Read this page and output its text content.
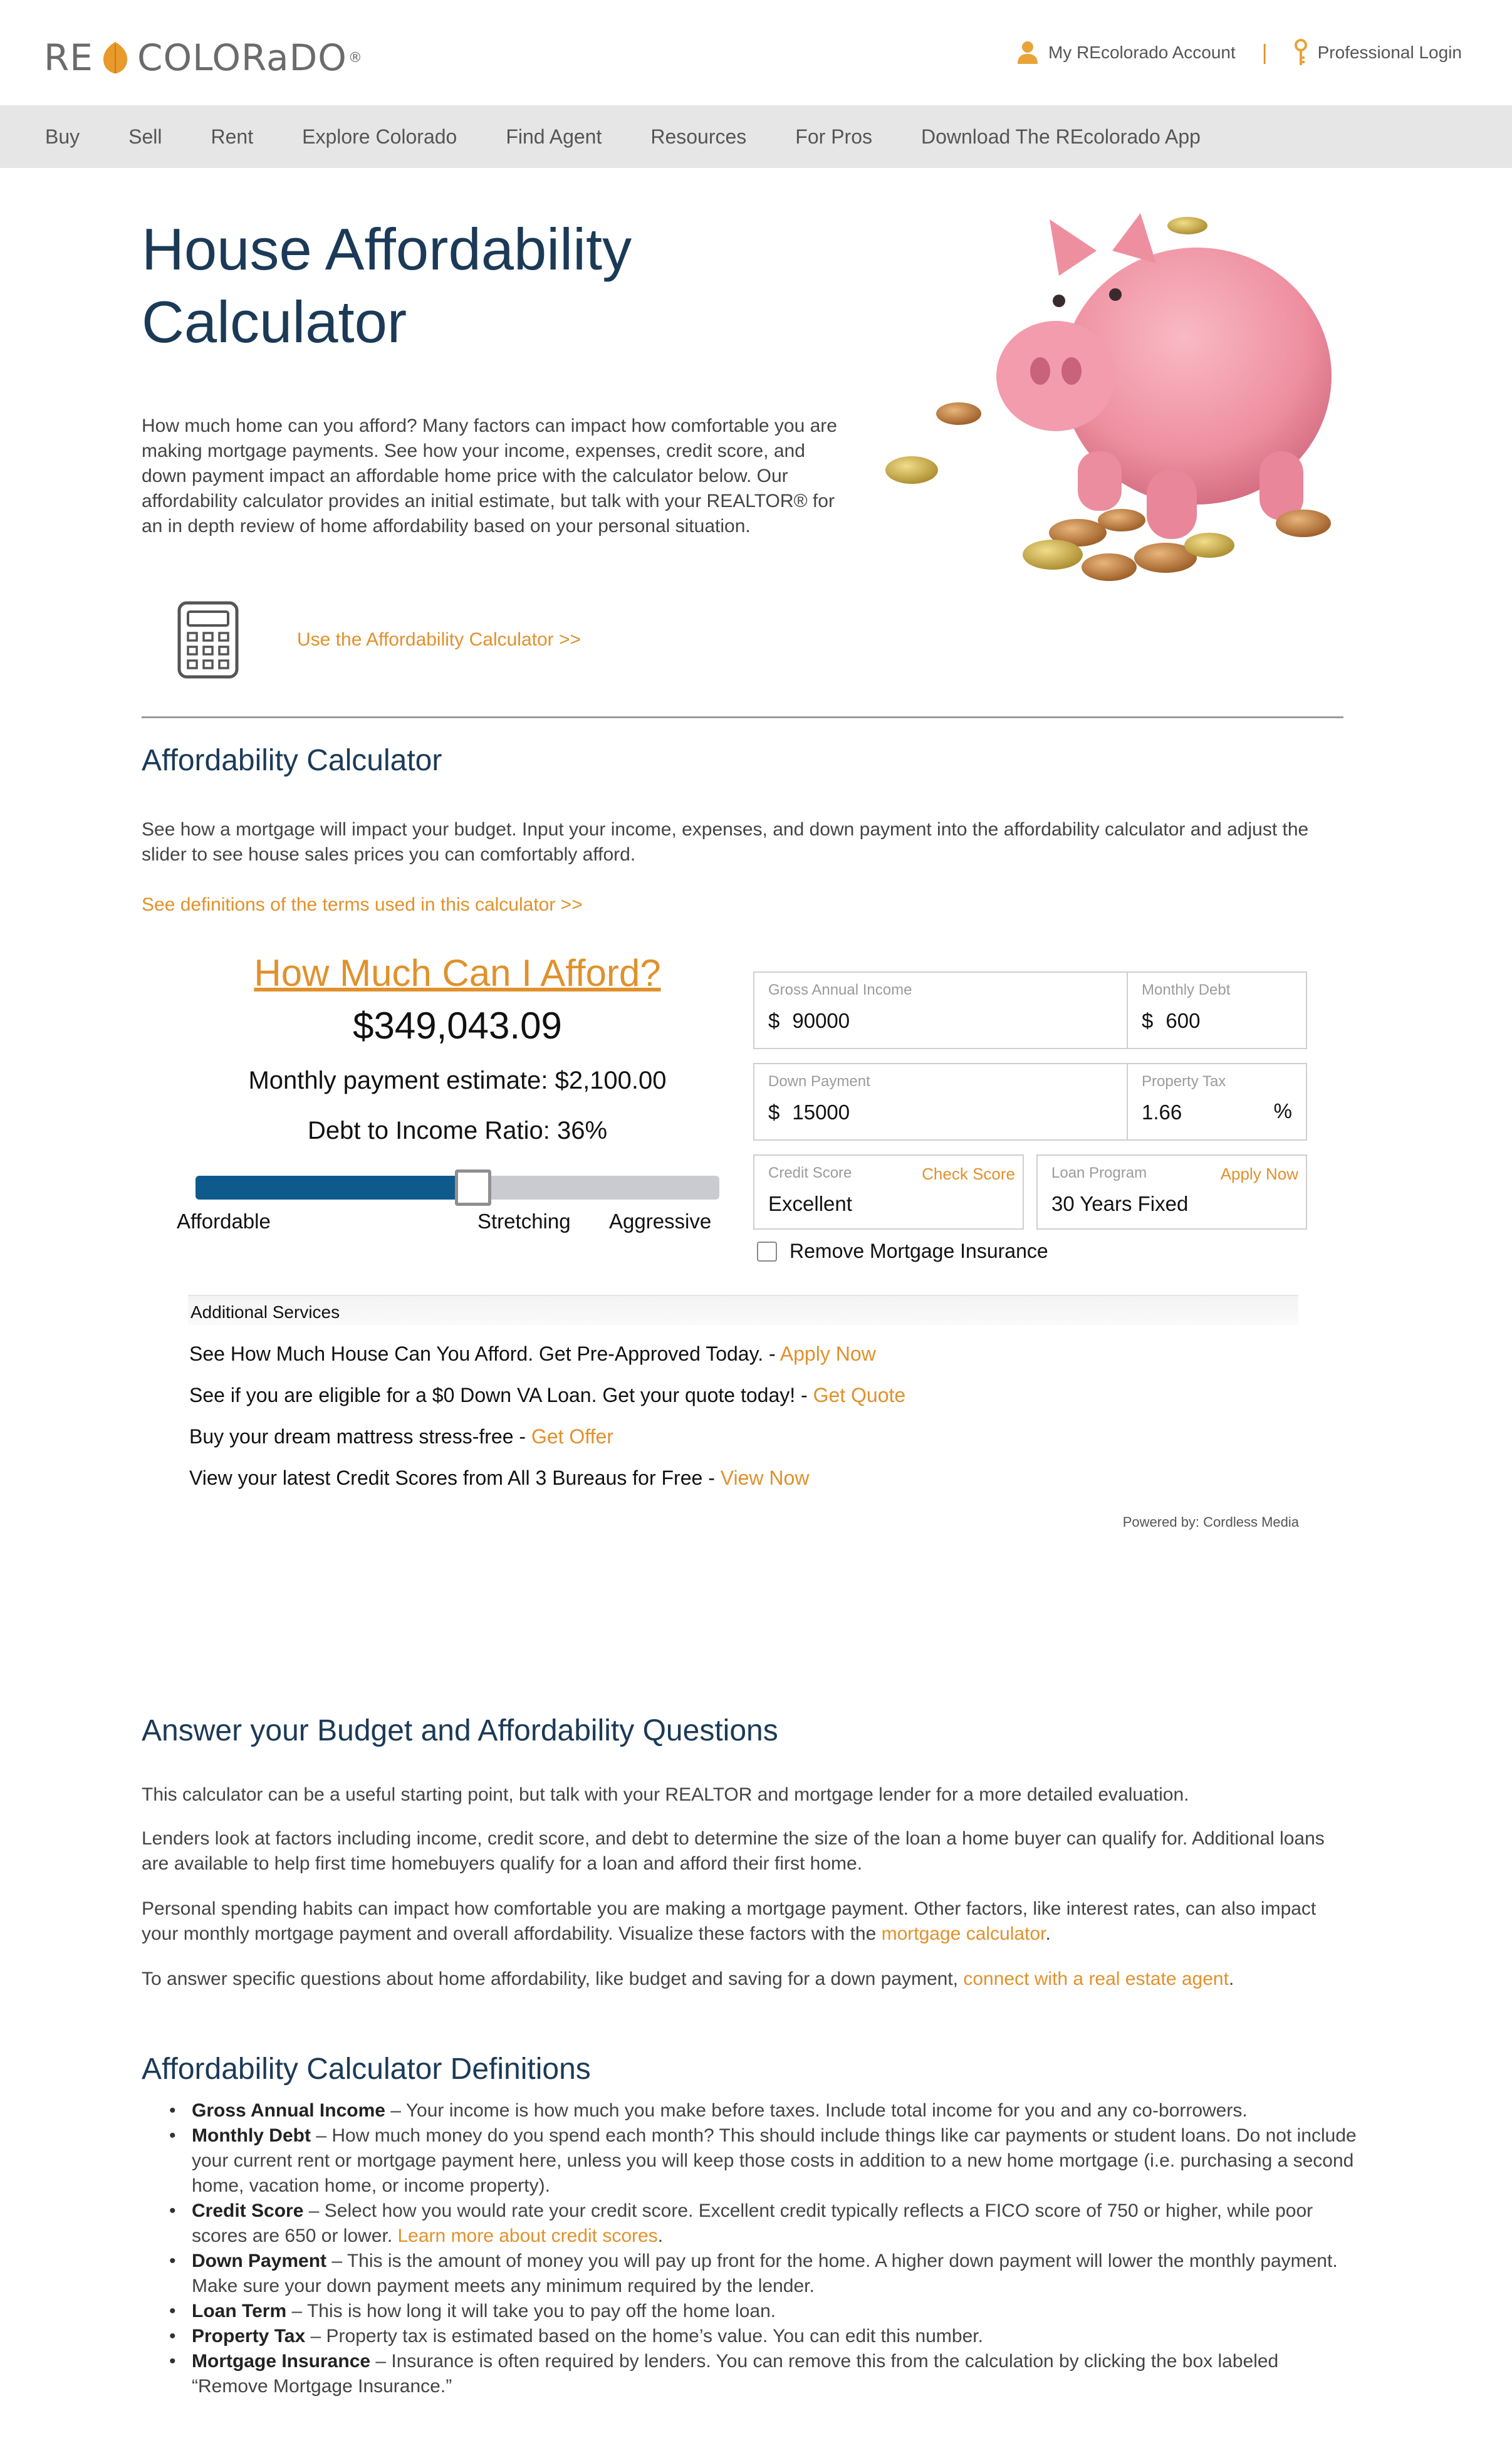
RE COLORaDO ®	My REcolorado Account |	Professional Login
Buy Sell Rent Explore Colorado Find Agent Resources For Pros Download The REcolorado App
House Affordability
Calculator

How much home can you afford? Many factors can impact how comfortable you are making mortgage payments. See how your income, expenses, credit score, and down payment impact an affordable home price with the calculator below. Our affordability calculator provides an initial estimate, but talk with your REALTOR® for an in depth review of home affordability based on your personal situation.

Use the Affordability Calculator >>
Affordability Calculator

See how a mortgage will impact your budget. Input your income, expenses, and down payment into the affordability calculator and adjust the slider to see house sales prices you can comfortably afford.

See definitions of the terms used in this calculator >>
How Much Can I Afford?
$349,043.09
Monthly payment estimate: $2,100.00
Debt to Income Ratio: 36%
Affordable	Stretching Aggressive
Gross Annual Income
$ 90000
Monthly Debt
$ 600
Down Payment
$ 15000
Property Tax
1.66	%
Credit Score	Check Score
Excellent
Loan Program	Apply Now
30 Years Fixed
Remove Mortgage Insurance
Additional Services
See How Much House Can You Afford. Get Pre-Approved Today. - Apply Now
See if you are eligible for a $0 Down VA Loan. Get your quote today! - Get Quote
Buy your dream mattress stress-free - Get Offer
View your latest Credit Scores from All 3 Bureaus for Free - View Now
Powered by: Cordless Media
Answer your Budget and Affordability Questions

This calculator can be a useful starting point, but talk with your REALTOR and mortgage lender for a more detailed evaluation.

Lenders look at factors including income, credit score, and debt to determine the size of the loan a home buyer can qualify for. Additional loans are available to help first time homebuyers qualify for a loan and afford their first home.

Personal spending habits can impact how comfortable you are making a mortgage payment. Other factors, like interest rates, can also impact your monthly mortgage payment and overall affordability. Visualize these factors with the mortgage calculator.

To answer specific questions about home affordability, like budget and saving for a down payment, connect with a real estate agent.

Affordability Calculator Definitions
• Gross Annual Income – Your income is how much you make before taxes. Include total income for you and any co-borrowers.
• Monthly Debt – How much money do you spend each month? This should include things like car payments or student loans. Do not include your current rent or mortgage payment here, unless you will keep those costs in addition to a new home mortgage (i.e. purchasing a second home, vacation home, or income property).
• Credit Score – Select how you would rate your credit score. Excellent credit typically reflects a FICO score of 750 or higher, while poor scores are 650 or lower. Learn more about credit scores.
• Down Payment – This is the amount of money you will pay up front for the home. A higher down payment will lower the monthly payment. Make sure your down payment meets any minimum required by the lender.
• Loan Term – This is how long it will take you to pay off the home loan.
• Property Tax – Property tax is estimated based on the home’s value. You can edit this number.
• Mortgage Insurance – Insurance is often required by lenders. You can remove this from the calculation by clicking the box labeled “Remove Mortgage Insurance.”
